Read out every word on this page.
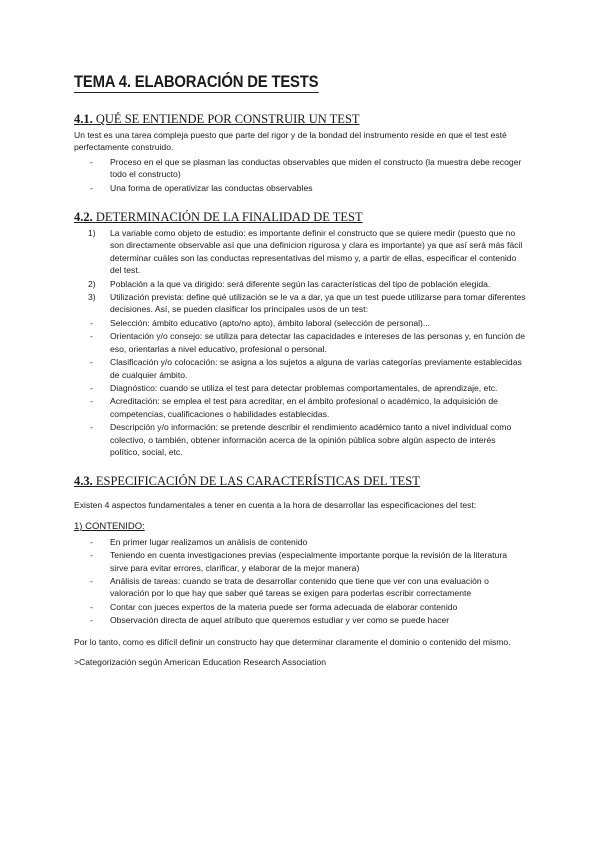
TEMA 4. ELABORACIÓN DE TESTS
4.1. QUÉ SE ENTIENDE POR CONSTRUIR UN TEST

Un test es una tarea compleja puesto que parte del rigor y de la bondad del instrumento reside en que el test esté perfectamente construido.

- Proceso en el que se plasman las conductas observables que miden el constructo (la muestra debe recoger todo el constructo)
- Una forma de operativizar las conductas observables
4.2. DETERMINACIÓN DE LA FINALIDAD DE TEST
1) La variable como objeto de estudio: es importante definir el constructo que se quiere medir (puesto que no son directamente observable así que una definicion rigurosa y clara es importante) ya que así será más fácil determinar cuáles son las conductas representativas del mismo y, a partir de ellas, especificar el contenido del test.
2) Población a la que va dirigido: será diferente según las características del tipo de población elegida.
3) Utilización prevista: define qué utilización se le va a dar, ya que un test puede utilizarse para tomar diferentes decisiones. Así, se pueden clasificar los principales usos de un test:
- Selección: ámbito educativo (apto/no apto), ámbito laboral (selección de personal)...
- Orientación y/o consejo: se utiliza para detectar las capacidades e intereses de las personas y, en función de eso, orientarlas a nivel educativo, profesional o personal.
- Clasificación y/o colocación: se asigna a los sujetos a alguna de varias categorías previamente establecidas de cualquier ámbito.
- Diagnóstico: cuando se utiliza el test para detectar problemas comportamentales, de aprendizaje, etc.
- Acreditación: se emplea el test para acreditar, en el ámbito profesional o académico, la adquisición de competencias, cualificaciones o habilidades establecidas.
- Descripción y/o información: se pretende describir el rendimiento académico tanto a nivel individual como colectivo, o también, obtener información acerca de la opinión pública sobre algún aspecto de interés político, social, etc.
4.3. ESPECIFICACIÓN DE LAS CARACTERÍSTICAS DEL TEST

Existen 4 aspectos fundamentales a tener en cuenta a la hora de desarrollar las especificaciones del test:

1) CONTENIDO:
- En primer lugar realizamos un análisis de contenido
- Teniendo en cuenta investigaciones previas (especialmente importante porque la revisión de la literatura sirve para evitar errores, clarificar, y elaborar de la mejor manera)
- Análisis de tareas: cuando se trata de desarrollar contenido que tiene que ver con una evaluación o valoración por lo que hay que saber qué tareas se exigen para poderlas escribir correctamente
- Contar con jueces expertos de la materia puede ser forma adecuada de elaborar contenido
- Observación directa de aquel atributo que queremos estudiar y ver como se puede hacer

Por lo tanto, como es difícil definir un constructo hay que determinar claramente el dominio o contenido del mismo.

>Categorización según American Education Research Association
